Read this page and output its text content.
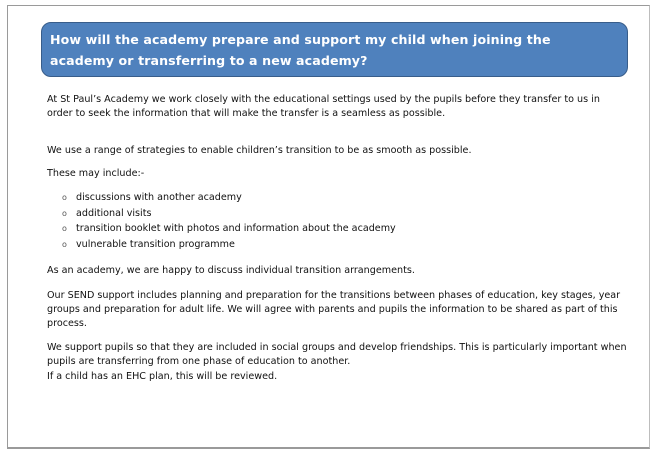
How will the academy prepare and support my child when joining the academy or transferring to a new academy?

At St Paul’s Academy we work closely with the educational settings used by the pupils before they transfer to us in order to seek the information that will make the transfer is a seamless as possible.

We use a range of strategies to enable children’s transition to be as smooth as possible.

These may include:-

o discussions with another academy
o additional visits
o transition booklet with photos and information about the academy
o vulnerable transition programme

As an academy, we are happy to discuss individual transition arrangements.

Our SEND support includes planning and preparation for the transitions between phases of education, key stages, year groups and preparation for adult life. We will agree with parents and pupils the information to be shared as part of this process.

We support pupils so that they are included in social groups and develop friendships. This is particularly important when pupils are transferring from one phase of education to another.

If a child has an EHC plan, this will be reviewed.
